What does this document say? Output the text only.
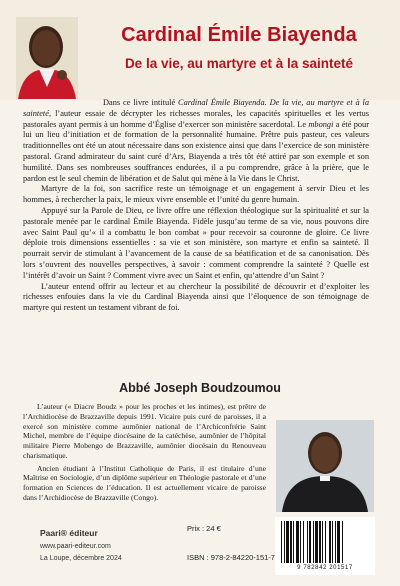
Cardinal Émile Biayenda
De la vie, au martyre et à la sainteté

Dans ce livre intitulé Cardinal Émile Biayenda. De la vie, au martyre et à la sainteté, l’auteur essaie de décrypter les richesses morales, les capacités spirituelles et les vertus pastorales ayant permis à un homme d’Église d’exercer son ministère sacerdotal. Le mbongi a été pour lui un lieu d’initiation et de formation de la personnalité humaine. Prêtre puis pasteur, ces valeurs traditionnelles ont été un atout nécessaire dans son existence ainsi que dans l’exercice de son ministère pastoral. Grand admirateur du saint curé d’Ars, Biayenda a très tôt été attiré par son exemple et son humilité. Dans ses nombreuses souffrances endurées, il a pu comprendre, grâce à la prière, que le pardon est le seul chemin de libération et de Salut qui mène à la Vie dans le Christ.

Martyre de la foi, son sacrifice reste un témoignage et un engagement à servir Dieu et les hommes, à rechercher la paix, le mieux vivre ensemble et l’unité du genre humain.

Appuyé sur la Parole de Dieu, ce livre offre une réflexion théologique sur la spiritualité et sur la pastorale menée par le cardinal Émile Biayenda. Fidèle jusqu’au terme de sa vie, nous pouvons dire avec Saint Paul qu’« il a combattu le bon combat » pour recevoir sa couronne de gloire. Ce livre déploie trois dimensions essentielles : sa vie et son ministère, son martyre et enfin sa sainteté. Il pourrait servir de stimulant à l’avancement de la cause de sa béatification et de sa canonisation. Dès lors s’ouvrent des nouvelles perspectives, à savoir : comment comprendre la sainteté ? Quelle est l’intérêt d’avoir un Saint ? Comment vivre avec un Saint et enfin, qu’attendre d’un Saint ?

L’auteur entend offrir au lecteur et au chercheur la possibilité de découvrir et d’exploiter les richesses enfouies dans la vie du Cardinal Biayenda ainsi que l’éloquence de son témoignage de martyre qui restent un testament vibrant de foi.

Abbé Joseph Boudzoumou

L’auteur (« Diacre Boudz » pour les proches et les intimes), est prêtre de l’Archidiocèse de Brazzaville depuis 1991. Vicaire puis curé de paroisses, il a exercé son ministère comme aumônier national de l’Archiconfrérie Saint Michel, membre de l’équipe diocésaine de la catéchèse, aumônier de l’hôpital militaire Pierre Mobengo de Brazzaville, aumônier diocésain du Renouveau charismatique.

Ancien étudiant à l’Institut Catholique de Paris, il est titulaire d’une Maîtrise en Sociologie, d’un diplôme supérieur en Théologie pastorale et d’une formation en Sciences de l’éducation. Il est actuellement vicaire de paroisse dans l’Archidiocèse de Brazzaville (Congo).

Paari® éditeur
www.paari-editeur.com
La Loupe, décembre 2024
Prix : 24 €
ISBN : 978-2-84220-151-7
9 782842 201517
